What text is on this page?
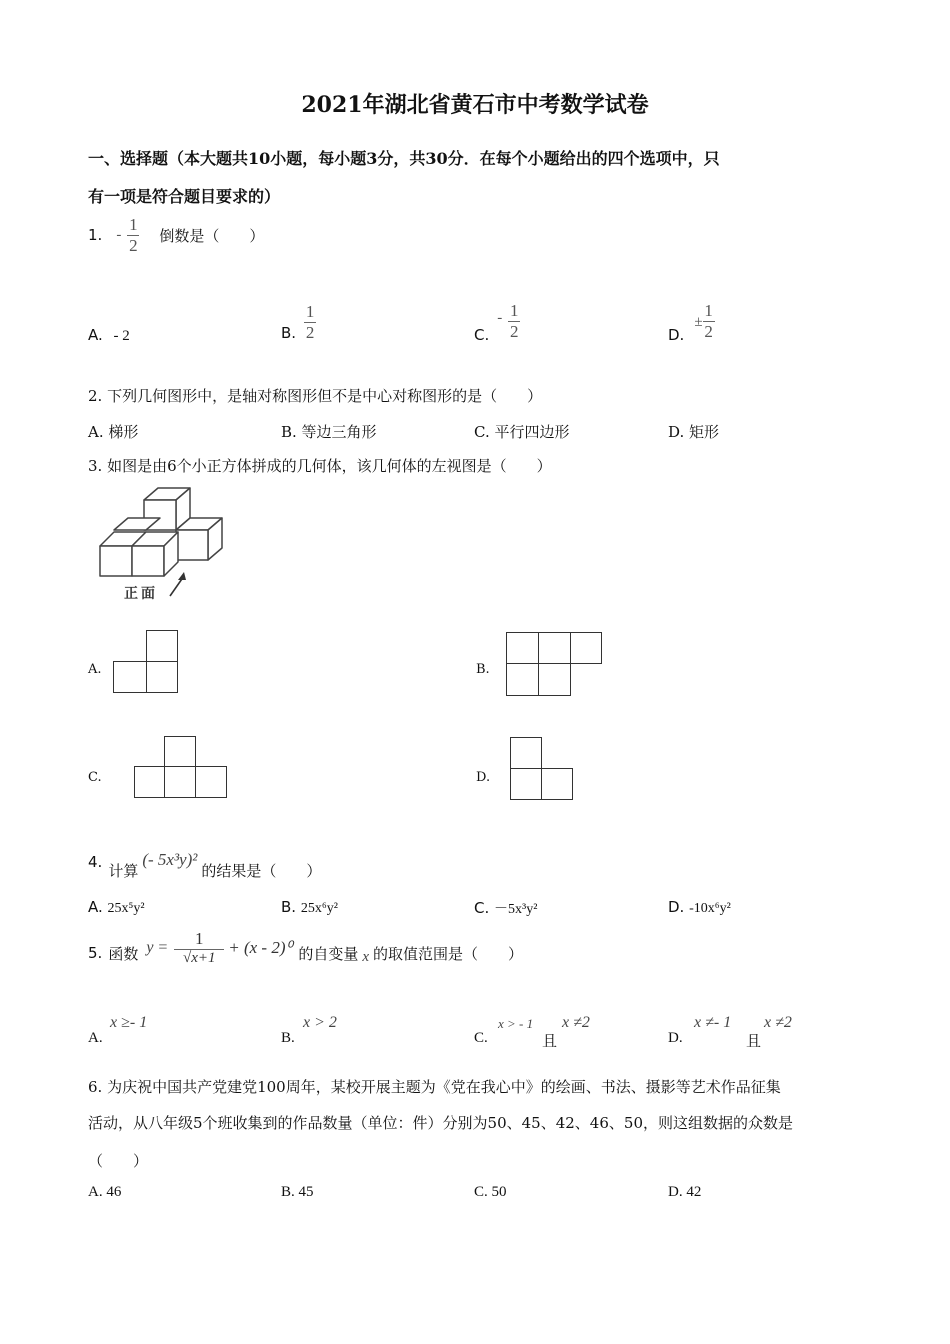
2021年湖北省黄石市中考数学试卷
一、选择题（本大题共10小题，每小题3分，共30分．在每个小题给出的四个选项中，只
有一项是符合题目要求的）
1. - $\frac{1}{2}$ 倒数是（　　）
A. - 2	B. $\frac{1}{2}$	C.
- $\frac{1}{2}$	D.
± $\frac{1}{2}$
2. 下列几何图形中，是轴对称图形但不是中心对称图形的是（　　）
A. 梯形	B. 等边三角形	C. 平行四边形	D. 矩形
3. 如图是由6个小正方体拼成的几何体，该几何体的左视图是（　　）
正面
A.	B.
C.	D.
4.
计算
(- 5x³y)²
的结果是（　　）
A. 25x⁵y²	B. 25x⁶y²	C. －5x³y²	D. -10x⁶y²
5. 函数 $y = \frac{1}{√x+1} + (x - 2)^0$ 的自变量 x 的取值范围是（　　）
x ≥- 1
A.
x > 2
B.	C.
x > - 1
且
x ≠2
D.
x ≠- 1
且
x ≠2
6. 为庆祝中国共产党建党100周年，某校开展主题为《党在我心中》的绘画、书法、摄影等艺术作品征集
活动，从八年级5个班收集到的作品数量（单位：件）分别为50、45、42、46、50，则这组数据的众数是
（　　）
A. 46	B. 45	C. 50	D. 42
